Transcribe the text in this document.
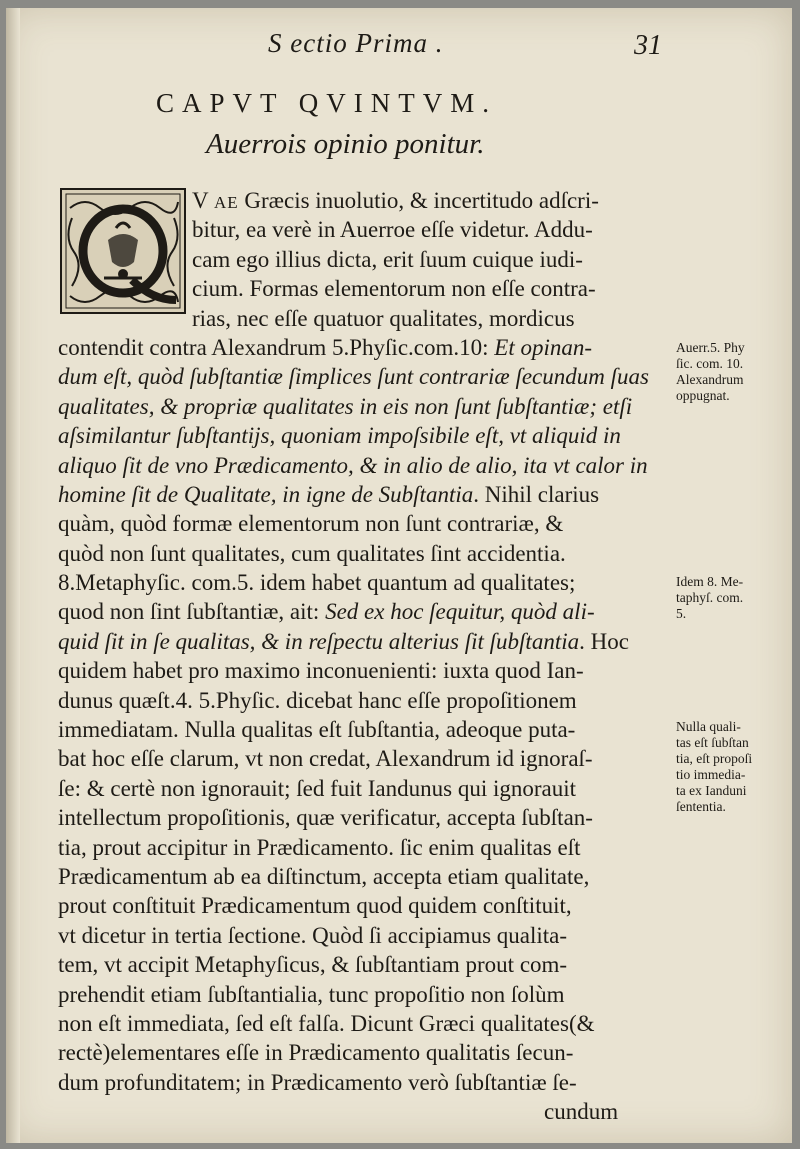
S ectio Prima .	31
CAPVT QVINTVM.
Auerrois opinio ponitur.
V AE Græcis inuolutio, & incertitudo adſcri-
bitur, ea verè in Auerroe eſſe videtur. Addu-
cam ego illius dicta, erit ſuum cuique iudi-
cium. Formas elementorum non eſſe contra-
rias, nec eſſe quatuor qualitates, mordicus
contendit contra Alexandrum 5.Phyſic.com.10: Et opinan-
dum eſt, quòd ſubſtantiæ ſimplices ſunt contrariæ ſecundum ſuas
qualitates, & propriæ qualitates in eis non ſunt ſubſtantiæ; etſi
aſsimilantur ſubſtantijs, quoniam impoſsibile eſt, vt aliquid in
aliquo ſit de vno Prædicamento, & in alio de alio, ita vt calor in
homine ſit de Qualitate, in igne de Subſtantia. Nihil clarius
quàm, quòd formæ elementorum non ſunt contrariæ, &
quòd non ſunt qualitates, cum qualitates ſint accidentia.
8.Metaphyſic. com.5. idem habet quantum ad qualitates;
quod non ſint ſubſtantiæ, ait: Sed ex hoc ſequitur, quòd ali-
quid ſit in ſe qualitas, & in reſpectu alterius ſit ſubſtantia. Hoc
quidem habet pro maximo inconuenienti: iuxta quod Ian-
dunus quæſt.4. 5.Phyſic. dicebat hanc eſſe propoſitionem
immediatam. Nulla qualitas eſt ſubſtantia, adeoque puta-
bat hoc eſſe clarum, vt non credat, Alexandrum id ignoraſ-
ſe: & certè non ignorauit; ſed fuit Iandunus qui ignorauit
intellectum propoſitionis, quæ verificatur, accepta ſubſtan-
tia, prout accipitur in Prædicamento. ſic enim qualitas eſt
Prædicamentum ab ea diſtinctum, accepta etiam qualitate,
prout conſtituit Prædicamentum quod quidem conſtituit,
vt dicetur in tertia ſectione. Quòd ſi accipiamus qualita-
tem, vt accipit Metaphyſicus, & ſubſtantiam prout com-
prehendit etiam ſubſtantialia, tunc propoſitio non ſolùm
non eſt immediata, ſed eſt falſa. Dicunt Græci qualitates(&
rectè)elementares eſſe in Prædicamento qualitatis ſecun-
dum profunditatem; in Prædicamento verò ſubſtantiæ ſe-
cundum
Auerr.5. Phy
ſic. com. 10.
Alexandrum
oppugnat.
Idem 8. Me-
taphyſ. com.
5.
Nulla quali-
tas eſt ſubſtan
tia, eſt propoſi
tio immedia-
ta ex Ianduni
ſententia.
